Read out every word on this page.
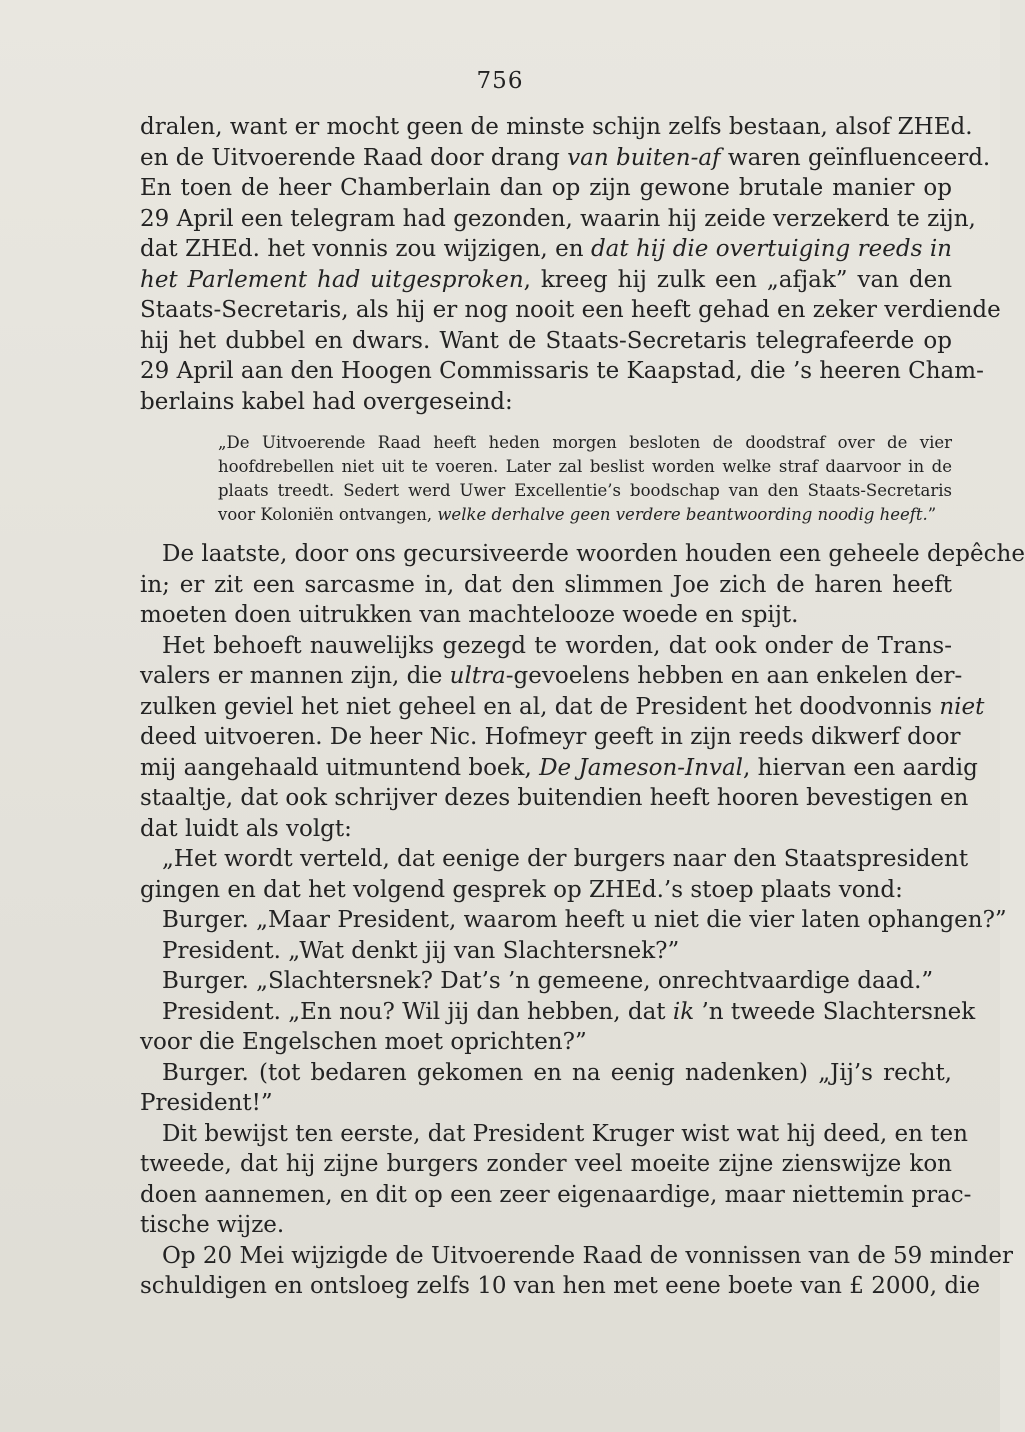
756
dralen, want er mocht geen de minste schijn zelfs bestaan, alsof ZHEd.
en de Uitvoerende Raad door drang van buiten-af waren geïnfluenceerd.
En toen de heer Chamberlain dan op zijn gewone brutale manier op
29 April een telegram had gezonden, waarin hij zeide verzekerd te zijn,
dat ZHEd. het vonnis zou wijzigen, en dat hij die overtuiging reeds in
het Parlement had uitgesproken, kreeg hij zulk een „afjak” van den
Staats-Secretaris, als hij er nog nooit een heeft gehad en zeker verdiende
hij het dubbel en dwars. Want de Staats-Secretaris telegrafeerde op
29 April aan den Hoogen Commissaris te Kaapstad, die ’s heeren Cham-
berlains kabel had overgeseind:
„De Uitvoerende Raad heeft heden morgen besloten de doodstraf over de vier
hoofdrebellen niet uit te voeren. Later zal beslist worden welke straf daarvoor in de
plaats treedt. Sedert werd Uwer Excellentie’s boodschap van den Staats-Secretaris
voor Koloniën ontvangen, welke derhalve geen verdere beantwoording noodig heeft.”
De laatste, door ons gecursiveerde woorden houden een geheele depêche
in; er zit een sarcasme in, dat den slimmen Joe zich de haren heeft
moeten doen uitrukken van machtelooze woede en spijt.
Het behoeft nauwelijks gezegd te worden, dat ook onder de Trans-
valers er mannen zijn, die ultra-gevoelens hebben en aan enkelen der-
zulken geviel het niet geheel en al, dat de President het doodvonnis niet
deed uitvoeren. De heer Nic. Hofmeyr geeft in zijn reeds dikwerf door
mij aangehaald uitmuntend boek, De Jameson-Inval, hiervan een aardig
staaltje, dat ook schrijver dezes buitendien heeft hooren bevestigen en
dat luidt als volgt:
„Het wordt verteld, dat eenige der burgers naar den Staatspresident
gingen en dat het volgend gesprek op ZHEd.’s stoep plaats vond:
Burger. „Maar President, waarom heeft u niet die vier laten ophangen?”
President. „Wat denkt jij van Slachtersnek?”
Burger. „Slachtersnek? Dat’s ’n gemeene, onrechtvaardige daad.”
President. „En nou? Wil jij dan hebben, dat ik ’n tweede Slachtersnek
voor die Engelschen moet oprichten?”
Burger. (tot bedaren gekomen en na eenig nadenken) „Jij’s recht,
President!”
Dit bewijst ten eerste, dat President Kruger wist wat hij deed, en ten
tweede, dat hij zijne burgers zonder veel moeite zijne zienswijze kon
doen aannemen, en dit op een zeer eigenaardige, maar niettemin prac-
tische wijze.
Op 20 Mei wijzigde de Uitvoerende Raad de vonnissen van de 59 minder
schuldigen en ontsloeg zelfs 10 van hen met eene boete van £ 2000, die
